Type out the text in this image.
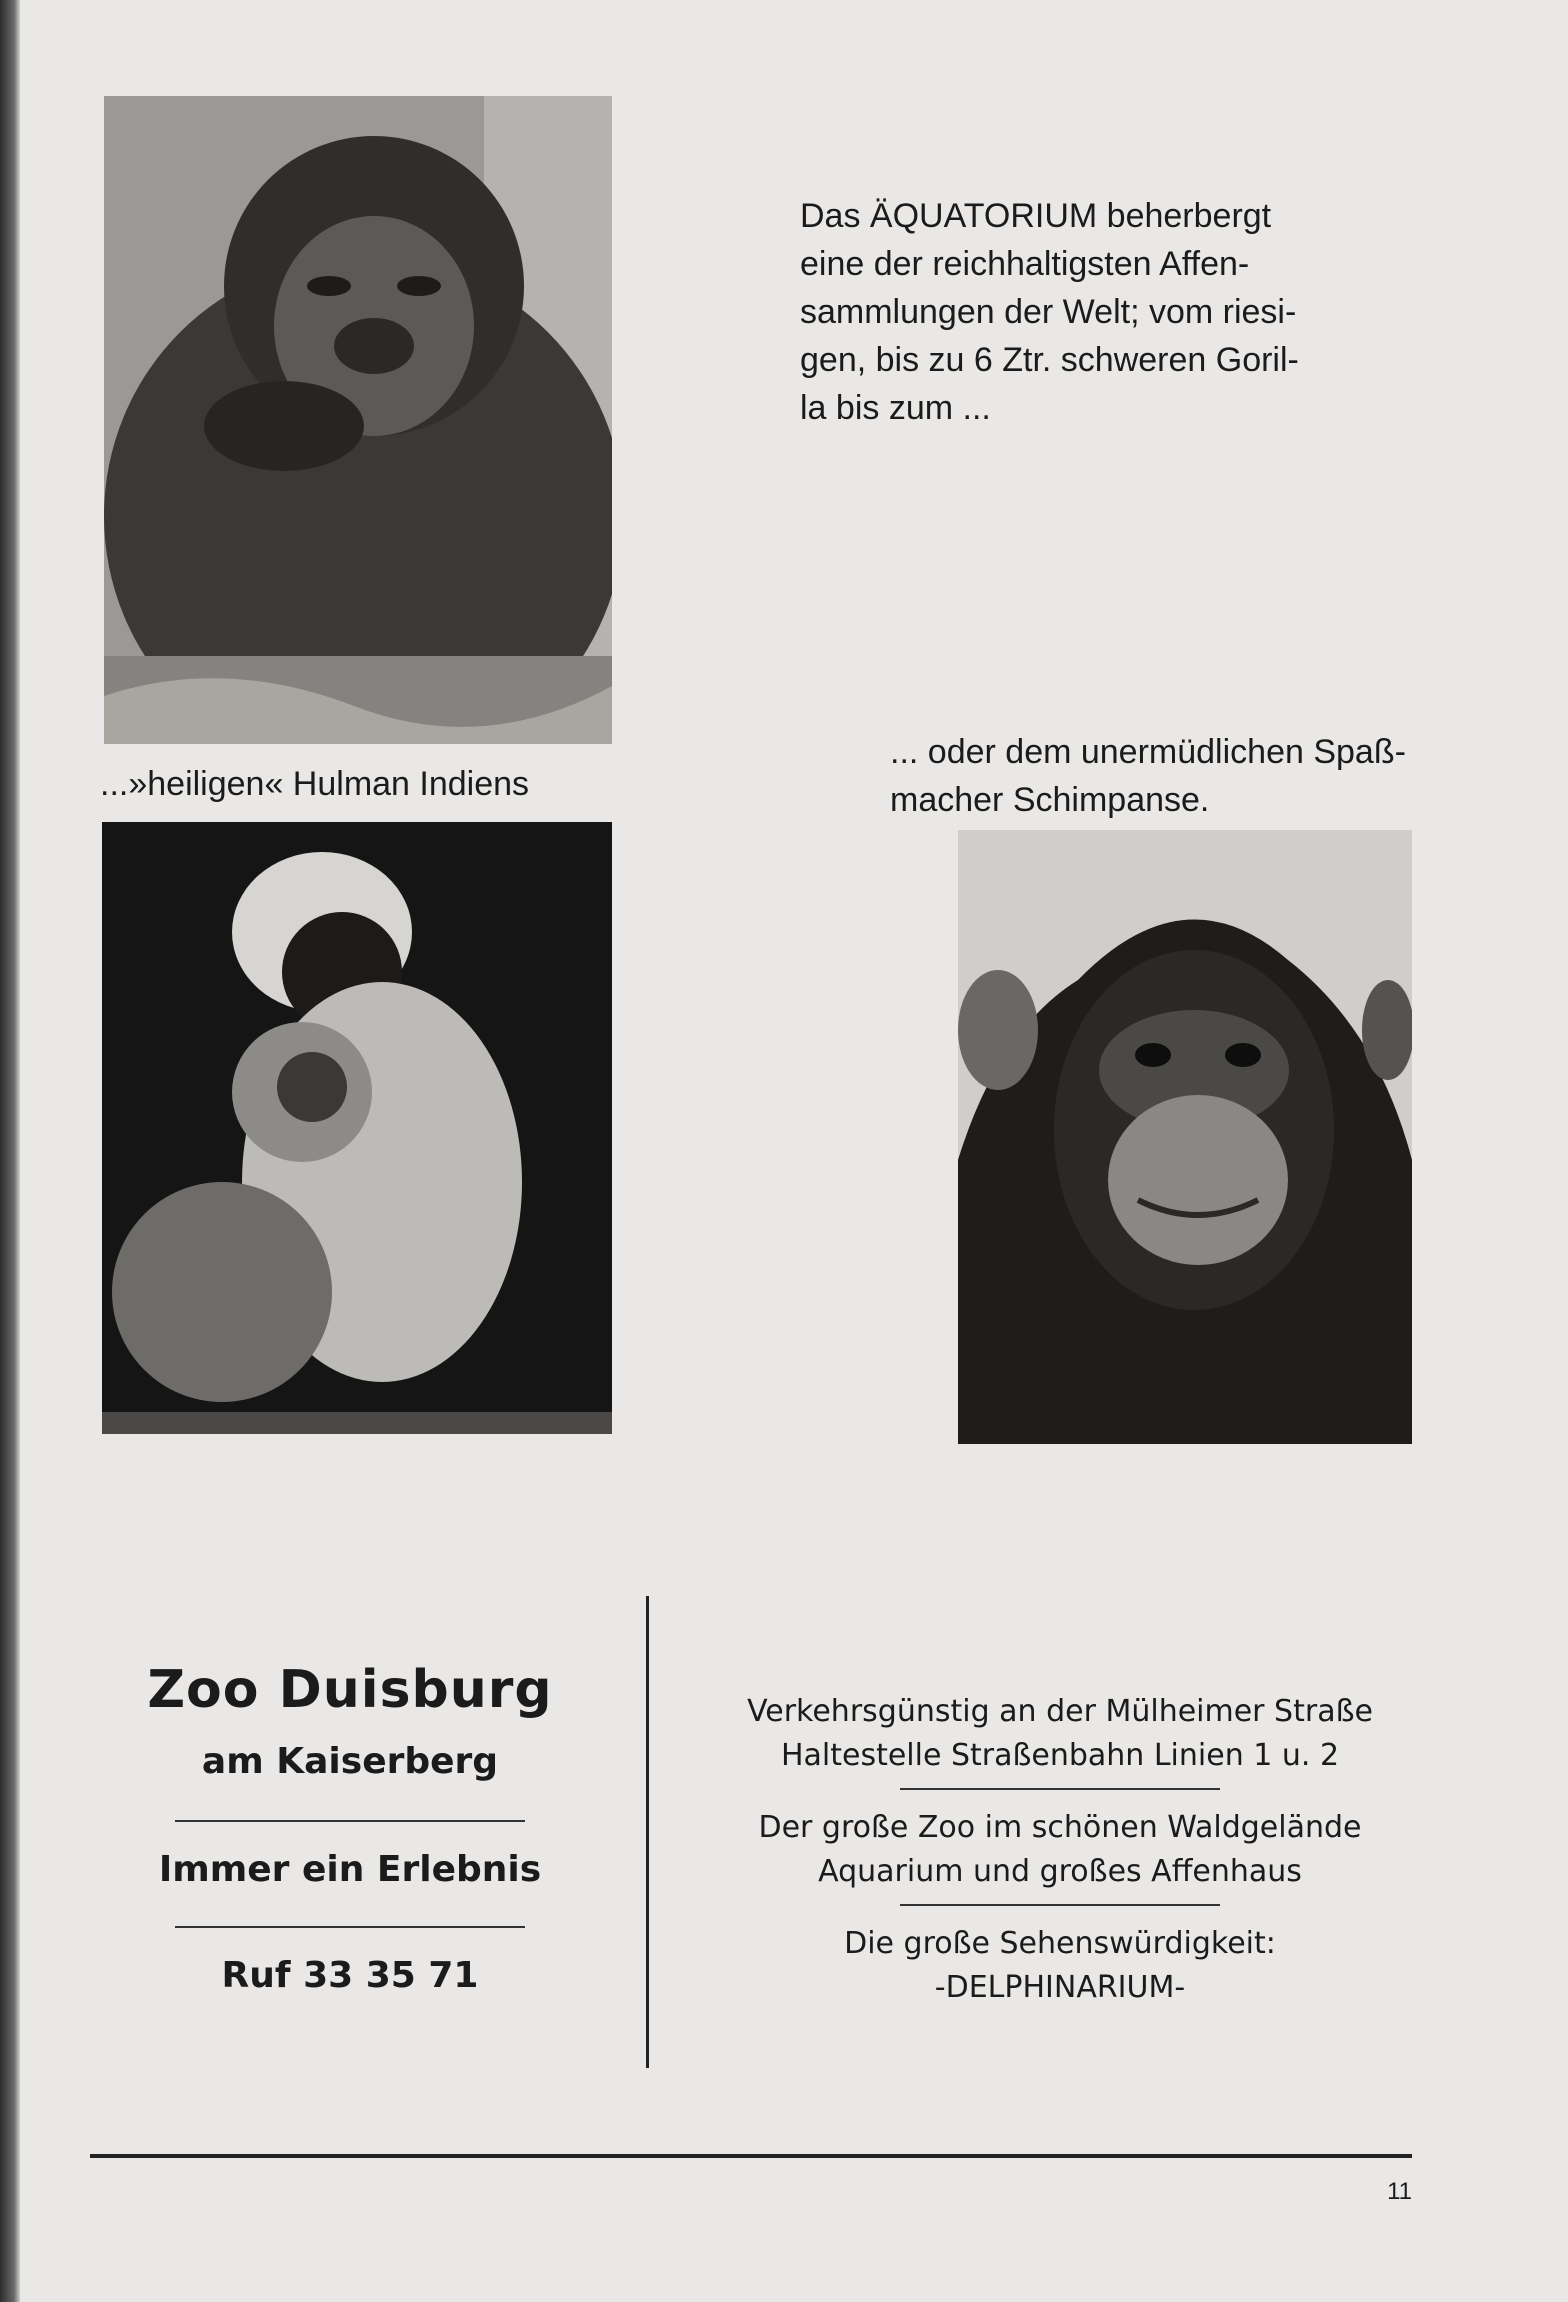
Das ÄQUATORIUM beherbergt
eine der reichhaltigsten Affen-
sammlungen der Welt; vom riesi-
gen, bis zu 6 Ztr. schweren Goril-
la bis zum ...
...»heiligen« Hulman Indiens
... oder dem unermüdlichen Spaß-
macher Schimpanse.
Zoo Duisburg
am Kaiserberg
Immer ein Erlebnis
Ruf 33 35 71
Verkehrsgünstig an der Mülheimer Straße
Haltestelle Straßenbahn Linien 1 u. 2
Der große Zoo im schönen Waldgelände
Aquarium und großes Affenhaus
Die große Sehenswürdigkeit:
-DELPHINARIUM-
11
